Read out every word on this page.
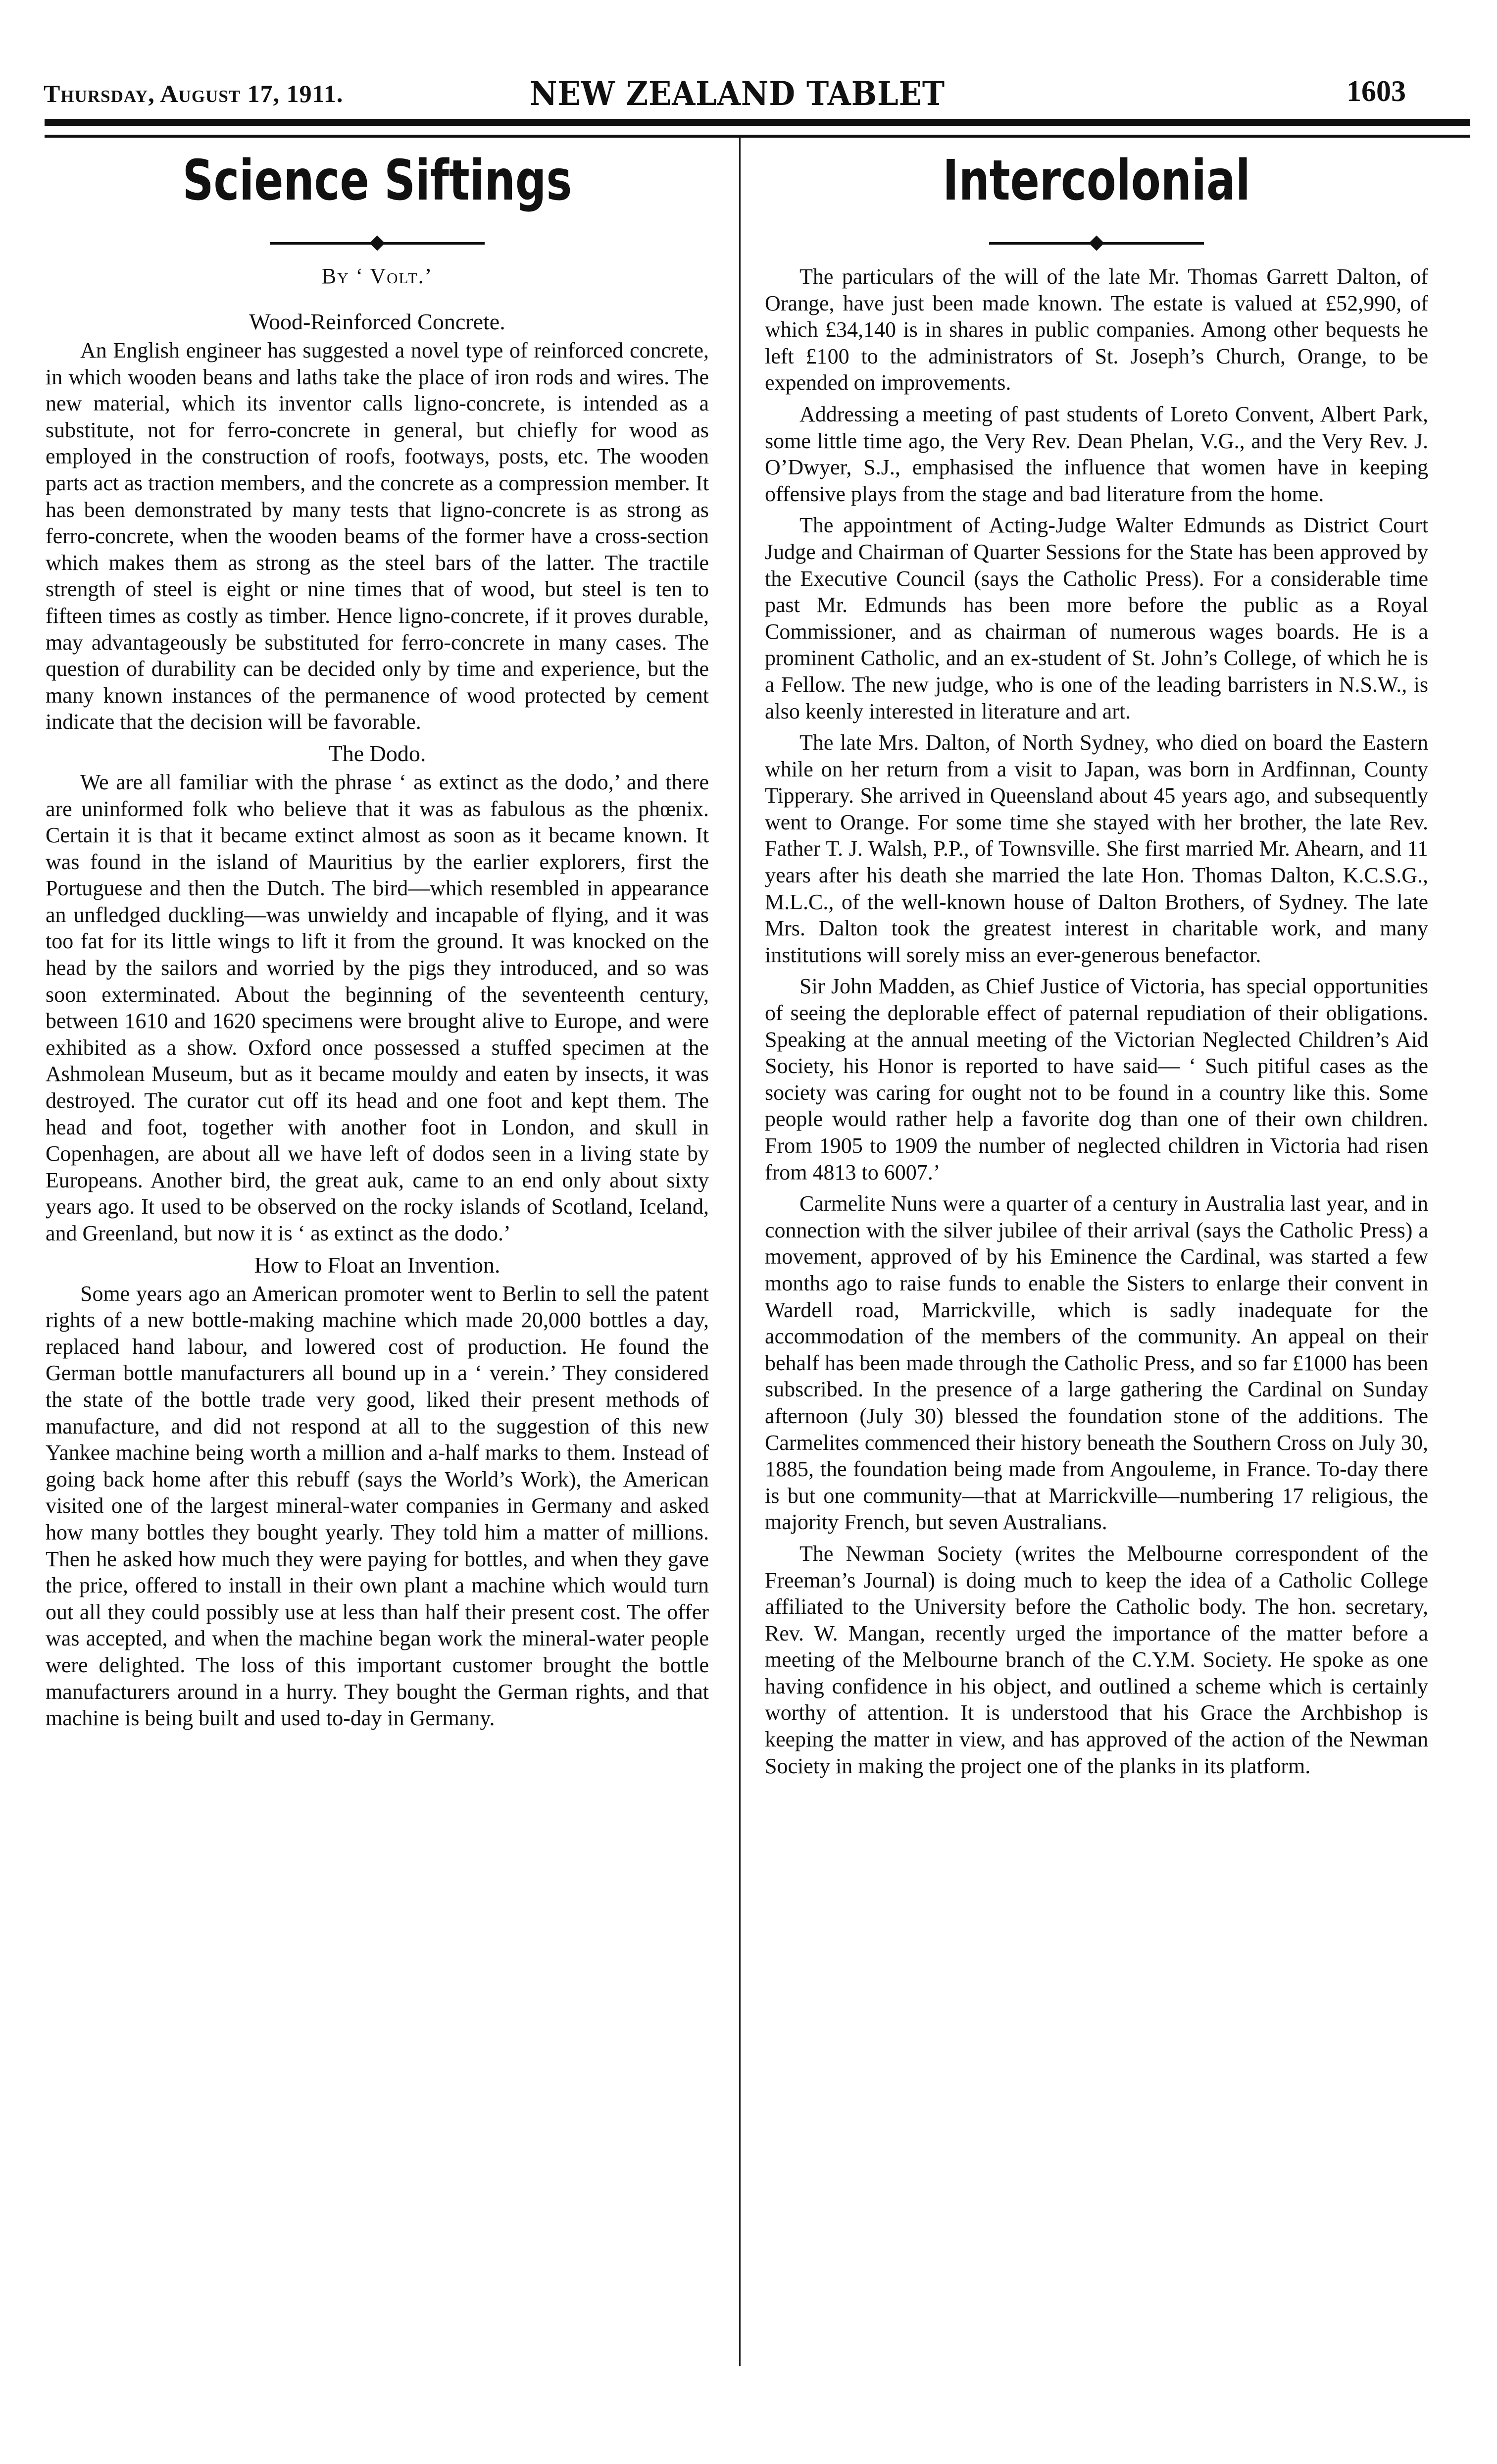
Thursday, August 17, 1911.	NEW ZEALAND TABLET	1603
Science Siftings
By ‘ Volt.’
Wood-Reinforced Concrete.

An English engineer has suggested a novel type of reinforced concrete, in which wooden beans and laths take the place of iron rods and wires. The new material, which its inventor calls ligno-concrete, is intended as a substitute, not for ferro-concrete in general, but chiefly for wood as employed in the construction of roofs, footways, posts, etc. The wooden parts act as traction members, and the concrete as a compression member. It has been demonstrated by many tests that ligno-concrete is as strong as ferro-concrete, when the wooden beams of the former have a cross-section which makes them as strong as the steel bars of the latter. The tractile strength of steel is eight or nine times that of wood, but steel is ten to fifteen times as costly as timber. Hence ligno-concrete, if it proves durable, may advantageously be substituted for ferro-concrete in many cases. The question of durability can be decided only by time and experience, but the many known instances of the permanence of wood protected by cement indicate that the decision will be favorable.

The Dodo.

We are all familiar with the phrase ‘ as extinct as the dodo,’ and there are uninformed folk who believe that it was as fabulous as the phœnix. Certain it is that it became extinct almost as soon as it became known. It was found in the island of Mauritius by the earlier explorers, first the Portuguese and then the Dutch. The bird—which resembled in appearance an unfledged duckling—was unwieldy and incapable of flying, and it was too fat for its little wings to lift it from the ground. It was knocked on the head by the sailors and worried by the pigs they introduced, and so was soon exterminated. About the beginning of the seventeenth century, between 1610 and 1620 specimens were brought alive to Europe, and were exhibited as a show. Oxford once possessed a stuffed specimen at the Ashmolean Museum, but as it became mouldy and eaten by insects, it was destroyed. The curator cut off its head and one foot and kept them. The head and foot, together with another foot in London, and skull in Copenhagen, are about all we have left of dodos seen in a living state by Europeans. Another bird, the great auk, came to an end only about sixty years ago. It used to be observed on the rocky islands of Scotland, Iceland, and Greenland, but now it is ‘ as extinct as the dodo.’

How to Float an Invention.

Some years ago an American promoter went to Berlin to sell the patent rights of a new bottle-making machine which made 20,000 bottles a day, replaced hand labour, and lowered cost of production. He found the German bottle manufacturers all bound up in a ‘ verein.’ They considered the state of the bottle trade very good, liked their present methods of manufacture, and did not respond at all to the suggestion of this new Yankee machine being worth a million and a-half marks to them. Instead of going back home after this rebuff (says the World’s Work), the American visited one of the largest mineral-water companies in Germany and asked how many bottles they bought yearly. They told him a matter of millions. Then he asked how much they were paying for bottles, and when they gave the price, offered to install in their own plant a machine which would turn out all they could possibly use at less than half their present cost. The offer was accepted, and when the machine began work the mineral-water people were delighted. The loss of this important customer brought the bottle manufacturers around in a hurry. They bought the German rights, and that machine is being built and used to-day in Germany.

Intercolonial

The particulars of the will of the late Mr. Thomas Garrett Dalton, of Orange, have just been made known. The estate is valued at £52,990, of which £34,140 is in shares in public companies. Among other bequests he left £100 to the administrators of St. Joseph’s Church, Orange, to be expended on improvements.

Addressing a meeting of past students of Loreto Convent, Albert Park, some little time ago, the Very Rev. Dean Phelan, V.G., and the Very Rev. J. O’Dwyer, S.J., emphasised the influence that women have in keeping offensive plays from the stage and bad literature from the home.

The appointment of Acting-Judge Walter Edmunds as District Court Judge and Chairman of Quarter Sessions for the State has been approved by the Executive Council (says the Catholic Press). For a considerable time past Mr. Edmunds has been more before the public as a Royal Commissioner, and as chairman of numerous wages boards. He is a prominent Catholic, and an ex-student of St. John’s College, of which he is a Fellow. The new judge, who is one of the leading barristers in N.S.W., is also keenly interested in literature and art.

The late Mrs. Dalton, of North Sydney, who died on board the Eastern while on her return from a visit to Japan, was born in Ardfinnan, County Tipperary. She arrived in Queensland about 45 years ago, and subsequently went to Orange. For some time she stayed with her brother, the late Rev. Father T. J. Walsh, P.P., of Townsville. She first married Mr. Ahearn, and 11 years after his death she married the late Hon. Thomas Dalton, K.C.S.G., M.L.C., of the well-known house of Dalton Brothers, of Sydney. The late Mrs. Dalton took the greatest interest in charitable work, and many institutions will sorely miss an ever-generous benefactor.

Sir John Madden, as Chief Justice of Victoria, has special opportunities of seeing the deplorable effect of paternal repudiation of their obligations. Speaking at the annual meeting of the Victorian Neglected Children’s Aid Society, his Honor is reported to have said— ‘ Such pitiful cases as the society was caring for ought not to be found in a country like this. Some people would rather help a favorite dog than one of their own children. From 1905 to 1909 the number of neglected children in Victoria had risen from 4813 to 6007.’

Carmelite Nuns were a quarter of a century in Australia last year, and in connection with the silver jubilee of their arrival (says the Catholic Press) a movement, approved of by his Eminence the Cardinal, was started a few months ago to raise funds to enable the Sisters to enlarge their convent in Wardell road, Marrickville, which is sadly inadequate for the accommodation of the members of the community. An appeal on their behalf has been made through the Catholic Press, and so far £1000 has been subscribed. In the presence of a large gathering the Cardinal on Sunday afternoon (July 30) blessed the foundation stone of the additions. The Carmelites commenced their history beneath the Southern Cross on July 30, 1885, the foundation being made from Angouleme, in France. To-day there is but one community—that at Marrickville—numbering 17 religious, the majority French, but seven Australians.

The Newman Society (writes the Melbourne correspondent of the Freeman’s Journal) is doing much to keep the idea of a Catholic College affiliated to the University before the Catholic body. The hon. secretary, Rev. W. Mangan, recently urged the importance of the matter before a meeting of the Melbourne branch of the C.Y.M. Society. He spoke as one having confidence in his object, and outlined a scheme which is certainly worthy of attention. It is understood that his Grace the Archbishop is keeping the matter in view, and has approved of the action of the Newman Society in making the project one of the planks in its platform.
